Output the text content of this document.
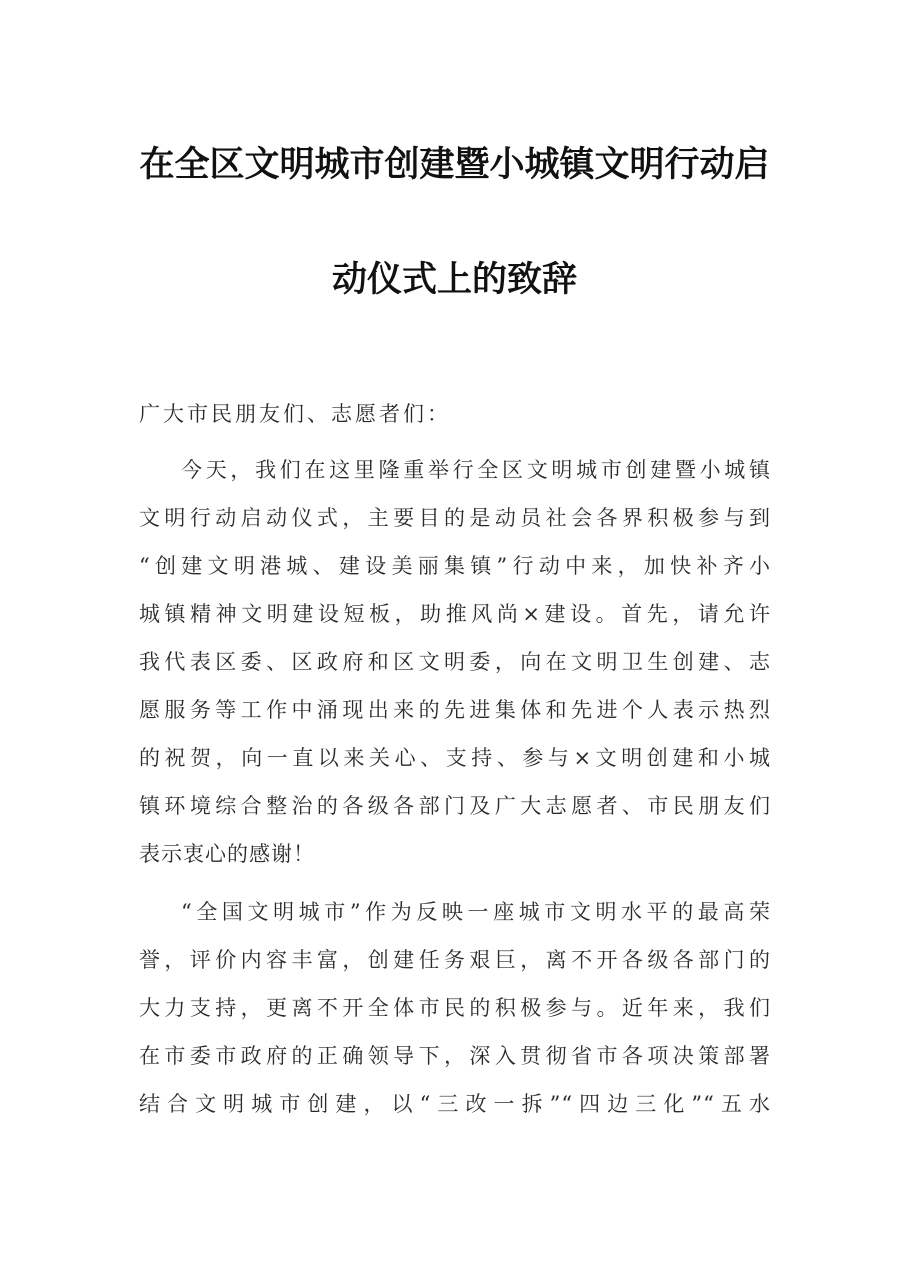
在全区文明城市创建暨小城镇文明行动启
动仪式上的致辞
广大市民朋友们、志愿者们：
今天，我们在这里隆重举行全区文明城市创建暨小城镇
文明行动启动仪式，主要目的是动员社会各界积极参与到
“创建文明港城、建设美丽集镇”行动中来，加快补齐小
城镇精神文明建设短板，助推风尚×建设。首先，请允许
我代表区委、区政府和区文明委，向在文明卫生创建、志
愿服务等工作中涌现出来的先进集体和先进个人表示热烈
的祝贺，向一直以来关心、支持、参与×文明创建和小城
镇环境综合整治的各级各部门及广大志愿者、市民朋友们
表示衷心的感谢！
“全国文明城市”作为反映一座城市文明水平的最高荣
誉，评价内容丰富，创建任务艰巨，离不开各级各部门的
大力支持，更离不开全体市民的积极参与。近年来，我们
在市委市政府的正确领导下，深入贯彻省市各项决策部署
结合文明城市创建，以“三改一拆”“四边三化”“五水
